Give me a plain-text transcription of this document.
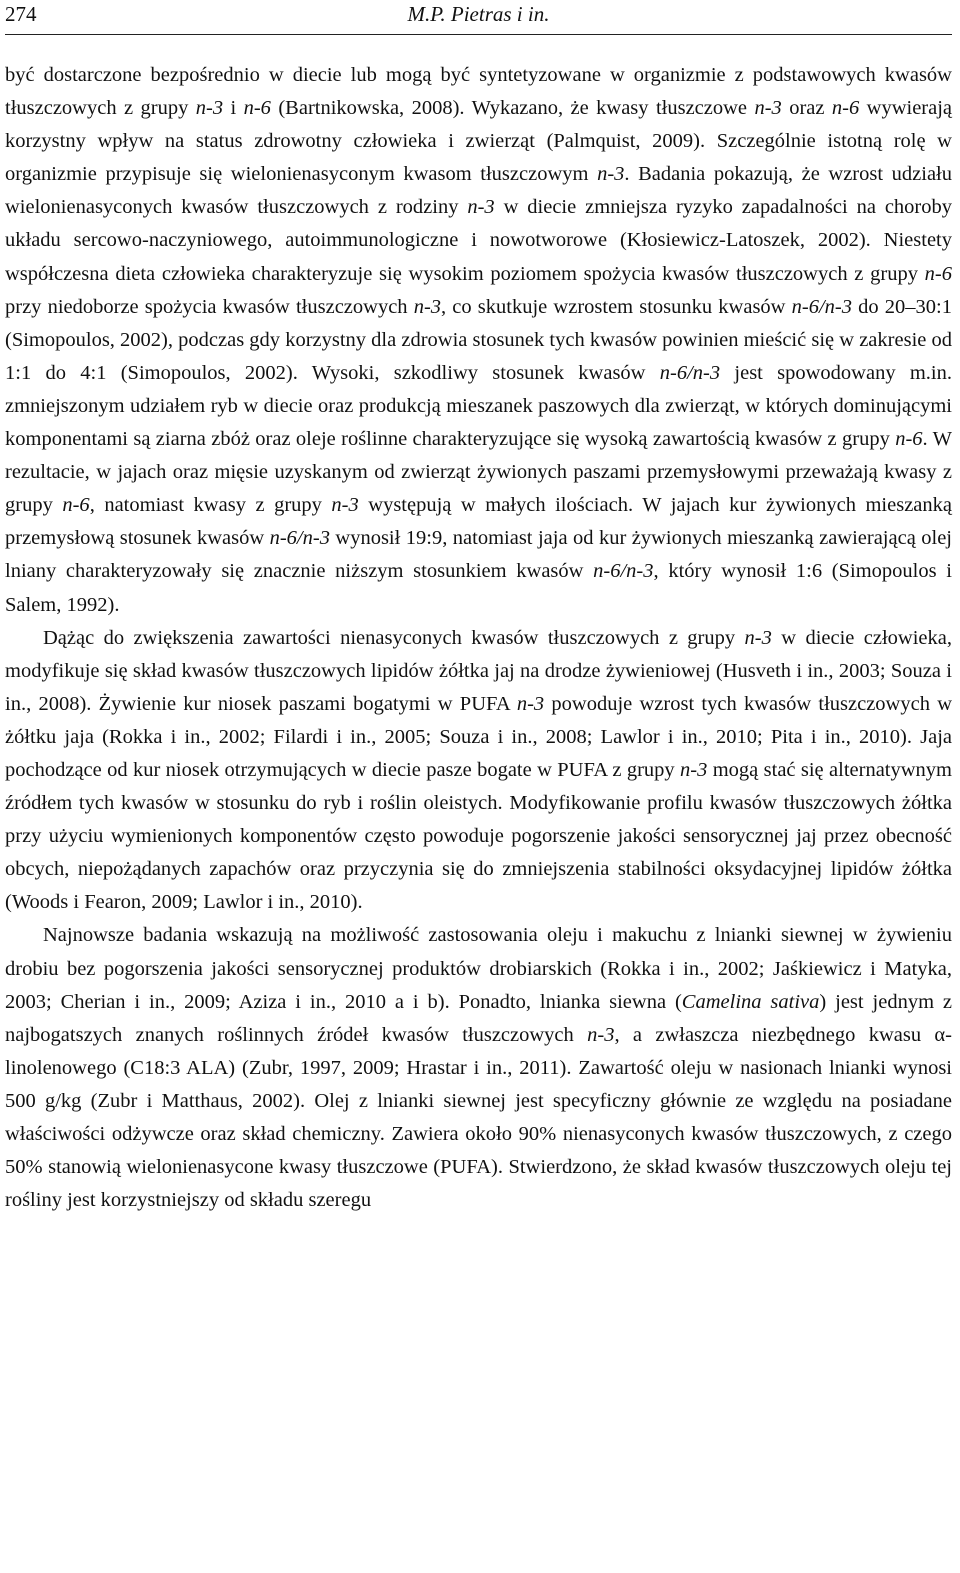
274	M.P. Pietras i in.

być dostarczone bezpośrednio w diecie lub mogą być syntetyzowane w organizmie z podstawowych kwasów tłuszczowych z grupy n-3 i n-6 (Bartnikowska, 2008). Wykazano, że kwasy tłuszczowe n-3 oraz n-6 wywierają korzystny wpływ na status zdrowotny człowieka i zwierząt (Palmquist, 2009). Szczególnie istotną rolę w organizmie przypisuje się wielonienasyconym kwasom tłuszczowym n-3. Badania pokazują, że wzrost udziału wielonienasyconych kwasów tłuszczowych z rodziny n-3 w diecie zmniejsza ryzyko zapadalności na choroby układu sercowo-naczyniowego, autoimmunologiczne i nowotworowe (Kłosiewicz-Latoszek, 2002). Niestety współczesna dieta człowieka charakteryzuje się wysokim poziomem spożycia kwasów tłuszczowych z grupy n-6 przy niedoborze spożycia kwasów tłuszczowych n-3, co skutkuje wzrostem stosunku kwasów n-6/n-3 do 20–30:1 (Simopoulos, 2002), podczas gdy korzystny dla zdrowia stosunek tych kwasów powinien mieścić się w zakresie od 1:1 do 4:1 (Simopoulos, 2002). Wysoki, szkodliwy stosunek kwasów n-6/n-3 jest spowodowany m.in. zmniejszonym udziałem ryb w diecie oraz produkcją mieszanek paszowych dla zwierząt, w których dominującymi komponentami są ziarna zbóż oraz oleje roślinne charakteryzujące się wysoką zawartością kwasów z grupy n-6. W rezultacie, w jajach oraz mięsie uzyskanym od zwierząt żywionych paszami przemysłowymi przeważają kwasy z grupy n-6, natomiast kwasy z grupy n-3 występują w małych ilościach. W jajach kur żywionych mieszanką przemysłową stosunek kwasów n-6/n-3 wynosił 19:9, natomiast jaja od kur żywionych mieszanką zawierającą olej lniany charakteryzowały się znacznie niższym stosunkiem kwasów n-6/n-3, który wynosił 1:6 (Simopoulos i Salem, 1992).

Dążąc do zwiększenia zawartości nienasyconych kwasów tłuszczowych z grupy n-3 w diecie człowieka, modyfikuje się skład kwasów tłuszczowych lipidów żółtka jaj na drodze żywieniowej (Husveth i in., 2003; Souza i in., 2008). Żywienie kur niosek paszami bogatymi w PUFA n-3 powoduje wzrost tych kwasów tłuszczowych w żółtku jaja (Rokka i in., 2002; Filardi i in., 2005; Souza i in., 2008; Lawlor i in., 2010; Pita i in., 2010). Jaja pochodzące od kur niosek otrzymujących w diecie pasze bogate w PUFA z grupy n-3 mogą stać się alternatywnym źródłem tych kwasów w stosunku do ryb i roślin oleistych. Modyfikowanie profilu kwasów tłuszczowych żółtka przy użyciu wymienionych komponentów często powoduje pogorszenie jakości sensorycznej jaj przez obecność obcych, niepożądanych zapachów oraz przyczynia się do zmniejszenia stabilności oksydacyjnej lipidów żółtka (Woods i Fearon, 2009; Lawlor i in., 2010).

Najnowsze badania wskazują na możliwość zastosowania oleju i makuchu z lnianki siewnej w żywieniu drobiu bez pogorszenia jakości sensorycznej produktów drobiarskich (Rokka i in., 2002; Jaśkiewicz i Matyka, 2003; Cherian i in., 2009; Aziza i in., 2010 a i b). Ponadto, lnianka siewna (Camelina sativa) jest jednym z najbogatszych znanych roślinnych źródeł kwasów tłuszczowych n-3, a zwłaszcza niezbędnego kwasu α-linolenowego (C18:3 ALA) (Zubr, 1997, 2009; Hrastar i in., 2011). Zawartość oleju w nasionach lnianki wynosi 500 g/kg (Zubr i Matthaus, 2002). Olej z lnianki siewnej jest specyficzny głównie ze względu na posiadane właściwości odżywcze oraz skład chemiczny. Zawiera około 90% nienasyconych kwasów tłuszczowych, z czego 50% stanowią wielonienasycone kwasy tłuszczowe (PUFA). Stwierdzono, że skład kwasów tłuszczowych oleju tej rośliny jest korzystniejszy od składu szeregu
